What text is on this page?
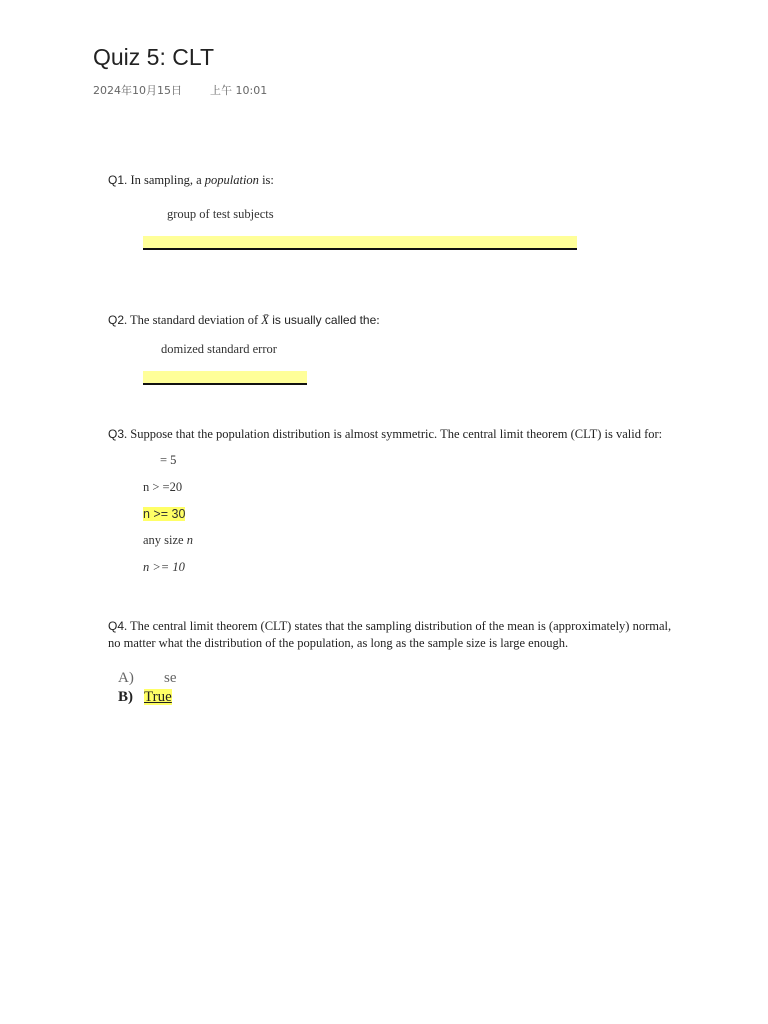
Quiz 5: CLT
2024年10月15日	上午 10:01
Q1. In sampling, a population is:
group of test subjects
Q2. The standard deviation of X̄ is usually called the:
domized standard error
Q3. Suppose that the population distribution is almost symmetric. The central limit theorem (CLT) is valid for:
= 5
n > =20
n >= 30
any size n
n >= 10
Q4. The central limit theorem (CLT) states that the sampling distribution of the mean is (approximately) normal,
no matter what the distribution of the population, as long as the sample size is large enough.
A) se
B) True
